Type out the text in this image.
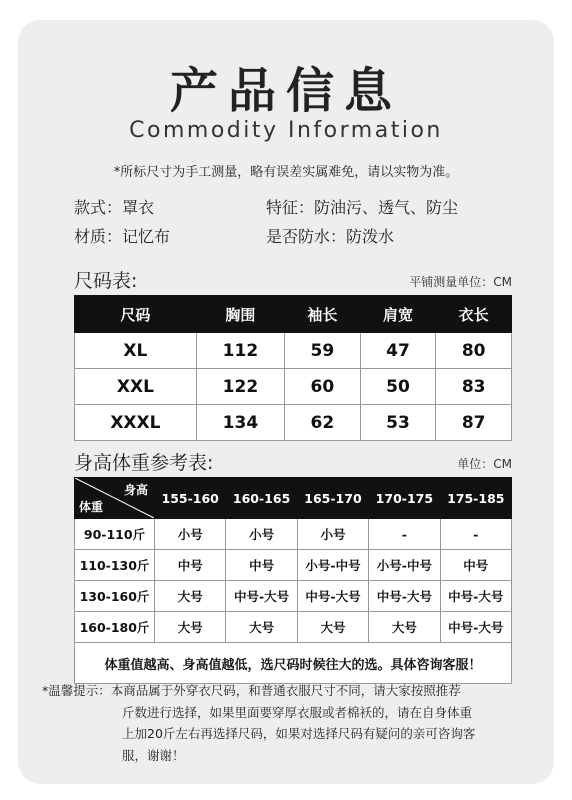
产品信息
Commodity Information
*所标尺寸为手工测量，略有误差实属难免，请以实物为准。
款式：罩衣	特征：防油污、透气、防尘
材质：记忆布	是否防水：防泼水
尺码表:	平铺测量单位：CM
尺码	胸围	袖长	肩宽	衣长
XL	112	59	47	80
XXL	122	60	50	83
XXXL	134	62	53	87
身高体重参考表:	单位：CM
身高
体重	155-160	160-165	165-170	170-175	175-185
90-110斤	小号	小号	小号	-	-
110-130斤	中号	中号	小号-中号	小号-中号	中号
130-160斤	大号	中号-大号	中号-大号	中号-大号	中号-大号
160-180斤	大号	大号	大号	大号	中号-大号
体重值越高、身高值越低，选尺码时候往大的选。具体咨询客服！					
*温馨提示：本商品属于外穿衣尺码，和普通衣服尺寸不同，请大家按照推荐
斤数进行选择，如果里面要穿厚衣服或者棉袄的，请在自身体重
上加20斤左右再选择尺码，如果对选择尺码有疑问的亲可咨询客
服，谢谢！
